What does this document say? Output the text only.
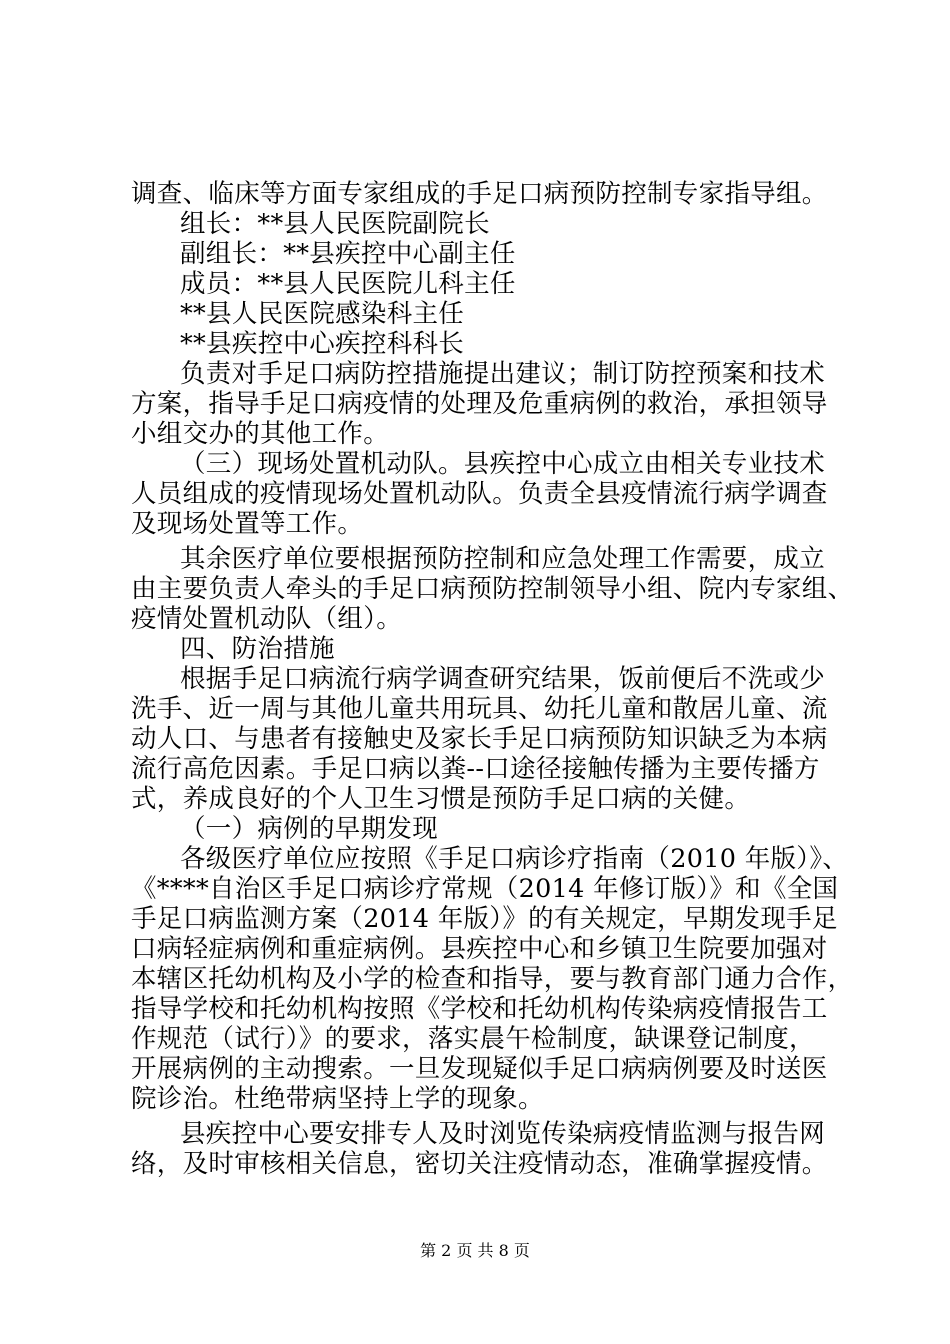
调查、临床等方面专家组成的手足口病预防控制专家指导组。
组长：**县人民医院副院长
副组长：**县疾控中心副主任
成员：**县人民医院儿科主任
**县人民医院感染科主任
**县疾控中心疾控科科长
负责对手足口病防控措施提出建议；制订防控预案和技术
方案，指导手足口病疫情的处理及危重病例的救治，承担领导
小组交办的其他工作。
（三）现场处置机动队。县疾控中心成立由相关专业技术
人员组成的疫情现场处置机动队。负责全县疫情流行病学调查
及现场处置等工作。
其余医疗单位要根据预防控制和应急处理工作需要，成立
由主要负责人牵头的手足口病预防控制领导小组、院内专家组、
疫情处置机动队（组）。
四、防治措施
根据手足口病流行病学调查研究结果，饭前便后不洗或少
洗手、近一周与其他儿童共用玩具、幼托儿童和散居儿童、流
动人口、与患者有接触史及家长手足口病预防知识缺乏为本病
流行高危因素。手足口病以粪--口途径接触传播为主要传播方
式，养成良好的个人卫生习惯是预防手足口病的关健。
（一）病例的早期发现
各级医疗单位应按照《手足口病诊疗指南（2010 年版）》、
《****自治区手足口病诊疗常规（2014 年修订版）》和《全国
手足口病监测方案（2014 年版）》的有关规定，早期发现手足
口病轻症病例和重症病例。县疾控中心和乡镇卫生院要加强对
本辖区托幼机构及小学的检查和指导，要与教育部门通力合作，
指导学校和托幼机构按照《学校和托幼机构传染病疫情报告工
作规范（试行）》的要求，落实晨午检制度，缺课登记制度，
开展病例的主动搜索。一旦发现疑似手足口病病例要及时送医
院诊治。杜绝带病坚持上学的现象。
县疾控中心要安排专人及时浏览传染病疫情监测与报告网
络，及时审核相关信息，密切关注疫情动态，准确掌握疫情。
第 2 页 共 8 页
